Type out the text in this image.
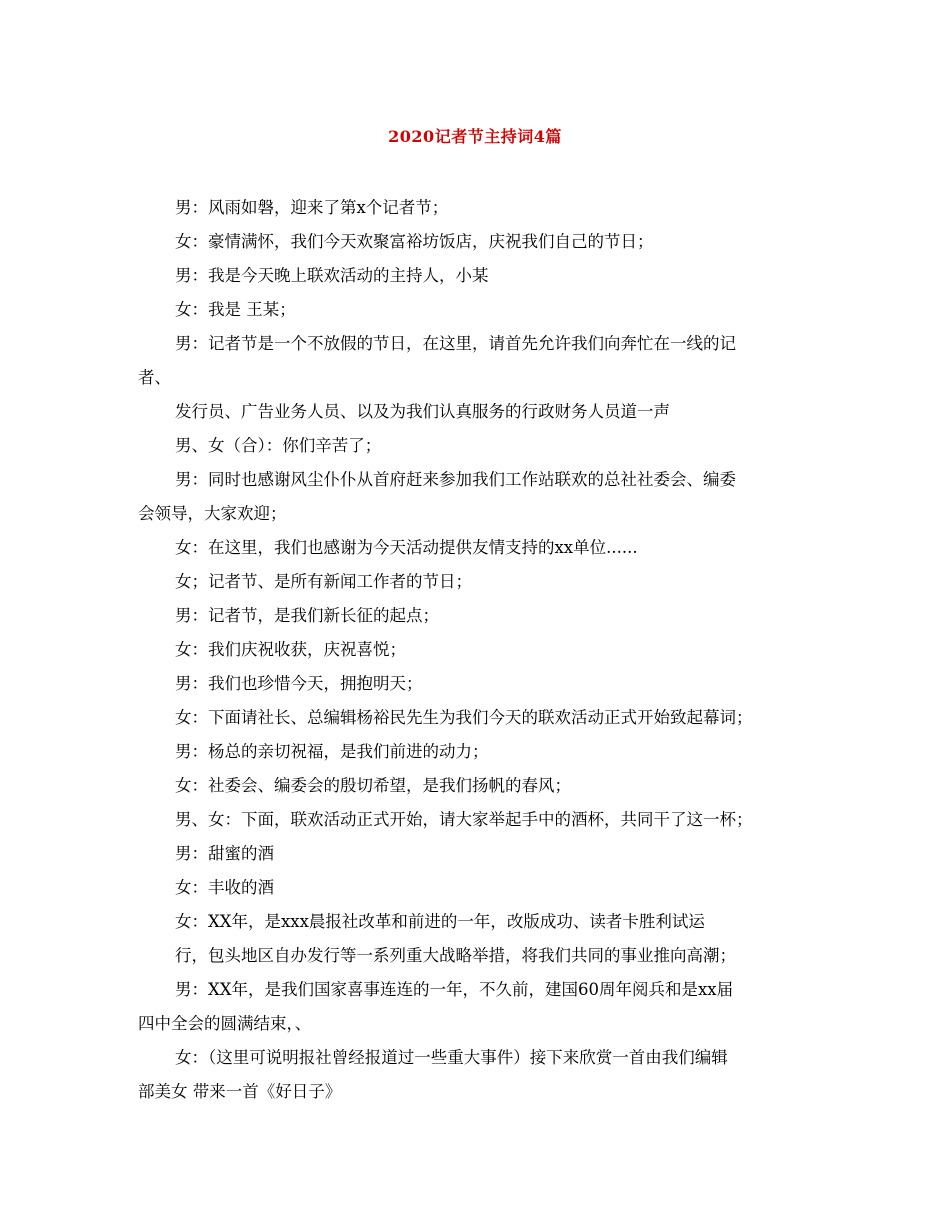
2020记者节主持词4篇

男：风雨如磐，迎来了第x个记者节；

女：豪情满怀，我们今天欢聚富裕坊饭店，庆祝我们自己的节日；

男：我是今天晚上联欢活动的主持人，小某

女：我是 王某；

男：记者节是一个不放假的节日，在这里，请首先允许我们向奔忙在一线的记

者、

发行员、广告业务人员、以及为我们认真服务的行政财务人员道一声

男、女（合）：你们辛苦了；

男：同时也感谢风尘仆仆从首府赶来参加我们工作站联欢的总社社委会、编委

会领导，大家欢迎；

女：在这里，我们也感谢为今天活动提供友情支持的xx单位......

女；记者节、是所有新闻工作者的节日；

男：记者节，是我们新长征的起点；

女：我们庆祝收获，庆祝喜悦；

男：我们也珍惜今天，拥抱明天；

女：下面请社长、总编辑杨裕民先生为我们今天的联欢活动正式开始致起幕词；

男：杨总的亲切祝福，是我们前进的动力；

女：社委会、编委会的殷切希望，是我们扬帆的春风；

男、女：下面，联欢活动正式开始，请大家举起手中的酒杯，共同干了这一杯；

男：甜蜜的酒

女：丰收的酒

女：XX年，是xxx晨报社改革和前进的一年，改版成功、读者卡胜利试运

行，包头地区自办发行等一系列重大战略举措，将我们共同的事业推向高潮；

男：XX年，是我们国家喜事连连的一年，不久前，建国60周年阅兵和是xx届

四中全会的圆满结束，、

女：（这里可说明报社曾经报道过一些重大事件）接下来欣赏一首由我们编辑

部美女 带来一首《好日子》
